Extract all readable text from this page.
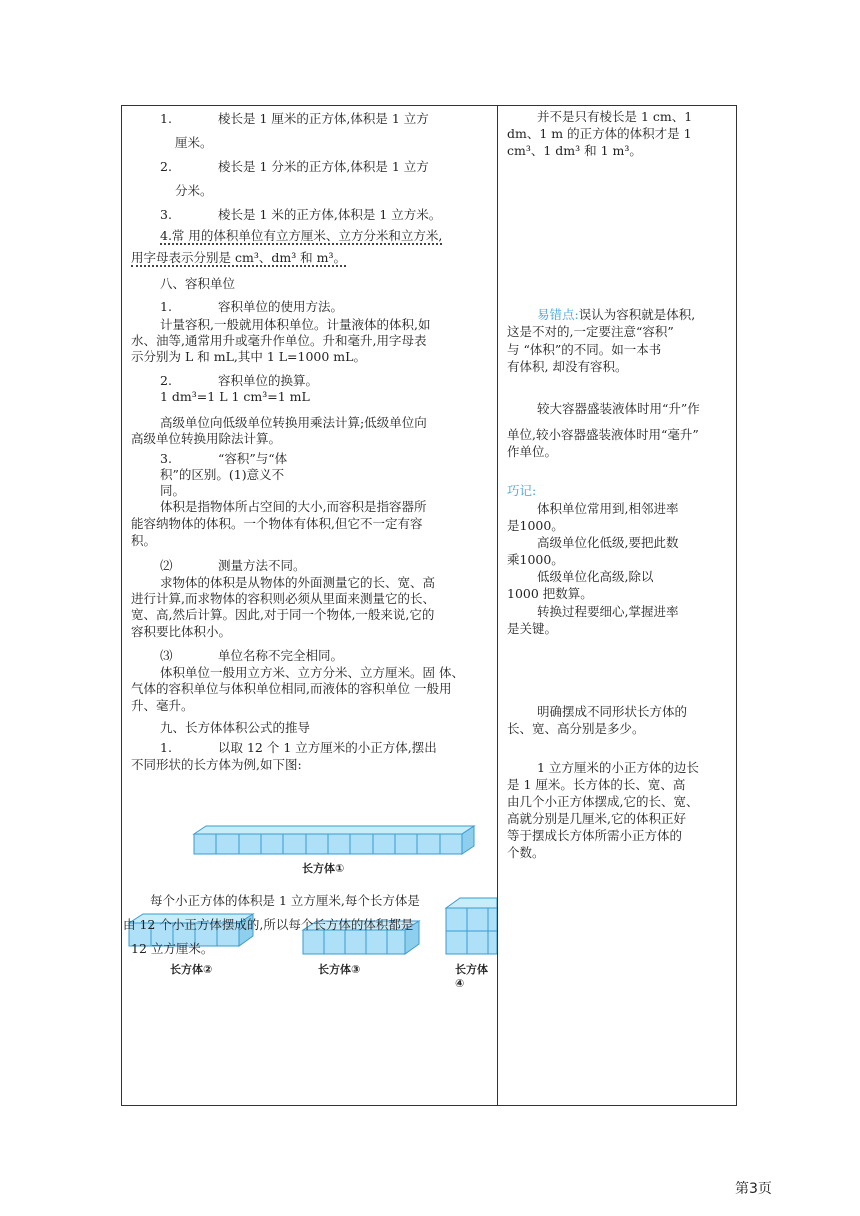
1.	棱长是 1 厘米的正方体,体积是 1 立方
厘米。
2.	棱长是 1 分米的正方体,体积是 1 立方
分米。
3.	棱长是 1 米的正方体,体积是 1 立方米。
4.常 用的体积单位有立方厘米、立方分米和立方米,
用字母表示分别是 cm³、dm³ 和 m³。
八、容积单位
1.	容积单位的使用方法。
计量容积,一般就用体积单位。计量液体的体积,如
水、油等,通常用升或毫升作单位。升和毫升,用字母表
示分别为 L 和 mL,其中 1 L=1000 mL。
2.	容积单位的换算。
1 dm³=1 L 1 cm³=1 mL
高级单位向低级单位转换用乘法计算;低级单位向
高级单位转换用除法计算。
3.	“容积”与“体
积”的区别。(1)意义不
同。
体积是指物体所占空间的大小,而容积是指容器所
能容纳物体的体积。一个物体有体积,但它不一定有容
积。
⑵	测量方法不同。
求物体的体积是从物体的外面测量它的长、宽、高
进行计算,而求物体的容积则必须从里面来测量它的长、
宽、高,然后计算。因此,对于同一个物体,一般来说,它的
容积要比体积小。
⑶	单位名称不完全相同。
体积单位一般用立方米、立方分米、立方厘米。固 体、
气体的容积单位与体积单位相同,而液体的容积单位 一般用
升、毫升。
九、长方体体积公式的推导
1.	以取 12 个 1 立方厘米的小正方体,摆出
不同形状的长方体为例,如下图:
长方体①
长方体②	长方体③	长方体④
每个小正方体的体积是 1 立方厘米,每个长方体是
由 12 个小正方体摆成的,所以每个长方体的体积都是
12 立方厘米。
并不是只有棱长是 1 cm、1
dm、1 m 的正方体的体积才是 1
cm³、1 dm³ 和 1 m³。
易错点:误认为容积就是体积,
这是不对的,一定要注意“容积”
与 “体积”的不同。如一本书
有体积, 却没有容积。
较大容器盛装液体时用“升”作
单位,较小容器盛装液体时用“毫升”
作单位。
巧记:
体积单位常用到,相邻进率
是1000。
高级单位化低级,要把此数
乘1000。
低级单位化高级,除以
1000 把数算。
转换过程要细心,掌握进率
是关键。
明确摆成不同形状长方体的
长、宽、高分别是多少。
1 立方厘米的小正方体的边长
是 1 厘米。长方体的长、宽、高
由几个小正方体摆成,它的长、宽、
高就分别是几厘米,它的体积正好
等于摆成长方体所需小正方体的
个数。
第3页
